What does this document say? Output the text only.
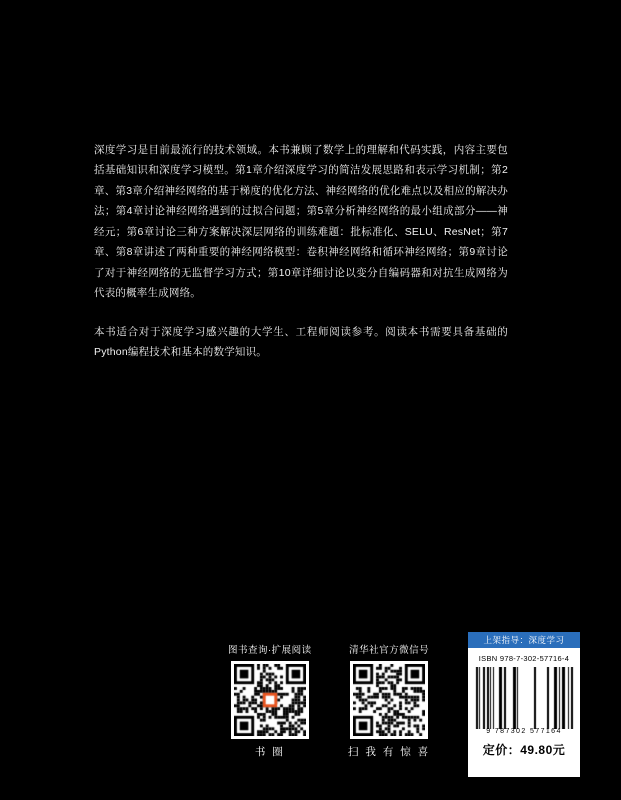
深度学习是目前最流行的技术领域。本书兼顾了数学上的理解和代码实践，内容主要包括基础知识和深度学习模型。第1章介绍深度学习的简洁发展思路和表示学习机制；第2章、第3章介绍神经网络的基于梯度的优化方法、神经网络的优化难点以及相应的解决办法；第4章讨论神经网络遇到的过拟合问题；第5章分析神经网络的最小组成部分——神经元；第6章讨论三种方案解决深层网络的训练难题：批标准化、SELU、ResNet；第7章、第8章讲述了两种重要的神经网络模型：卷积神经网络和循环神经网络；第9章讨论了对于神经网络的无监督学习方式；第10章详细讨论以变分自编码器和对抗生成网络为代表的概率生成网络。

本书适合对于深度学习感兴趣的大学生、工程师阅读参考。阅读本书需要具备基础的Python编程技术和基本的数学知识。

图书查询·扩展阅读
书 圈
清华社官方微信号
扫 我 有 惊 喜
上架指导：深度学习
ISBN 978-7-302-57716-4
9 787302 577164
定价：49.80元
